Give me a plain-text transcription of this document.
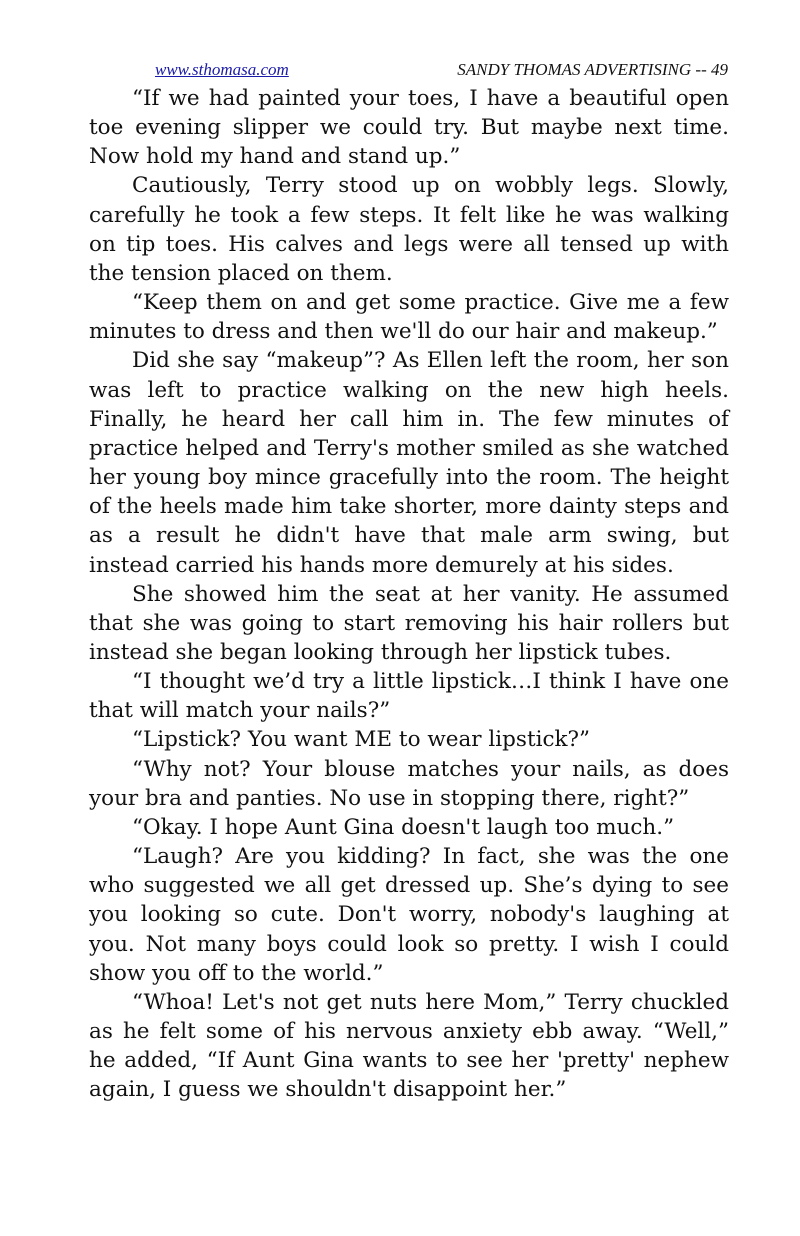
www.sthomasa.com	SANDY THOMAS ADVERTISING -- 49

“If we had painted your toes, I have a beautiful open toe evening slipper we could try. But maybe next time. Now hold my hand and stand up.”

Cautiously, Terry stood up on wobbly legs. Slowly, carefully he took a few steps. It felt like he was walking on tip toes. His calves and legs were all tensed up with the tension placed on them.

“Keep them on and get some practice. Give me a few minutes to dress and then we'll do our hair and makeup.”

Did she say “makeup”? As Ellen left the room, her son was left to practice walking on the new high heels. Finally, he heard her call him in. The few minutes of practice helped and Terry's mother smiled as she watched her young boy mince gracefully into the room. The height of the heels made him take shorter, more dainty steps and as a result he didn't have that male arm swing, but instead carried his hands more demurely at his sides.

She showed him the seat at her vanity. He assumed that she was going to start removing his hair rollers but instead she began looking through her lipstick tubes.

“I thought we’d try a little lipstick…I think I have one that will match your nails?”

“Lipstick? You want ME to wear lipstick?”

“Why not? Your blouse matches your nails, as does your bra and panties. No use in stopping there, right?”

“Okay. I hope Aunt Gina doesn't laugh too much.”

“Laugh? Are you kidding? In fact, she was the one who suggested we all get dressed up. She’s dying to see you looking so cute. Don't worry, nobody's laughing at you. Not many boys could look so pretty. I wish I could show you off to the world.”

“Whoa! Let's not get nuts here Mom,” Terry chuckled as he felt some of his nervous anxiety ebb away. “Well,” he added, “If Aunt Gina wants to see her 'pretty' nephew again, I guess we shouldn't disappoint her.”
